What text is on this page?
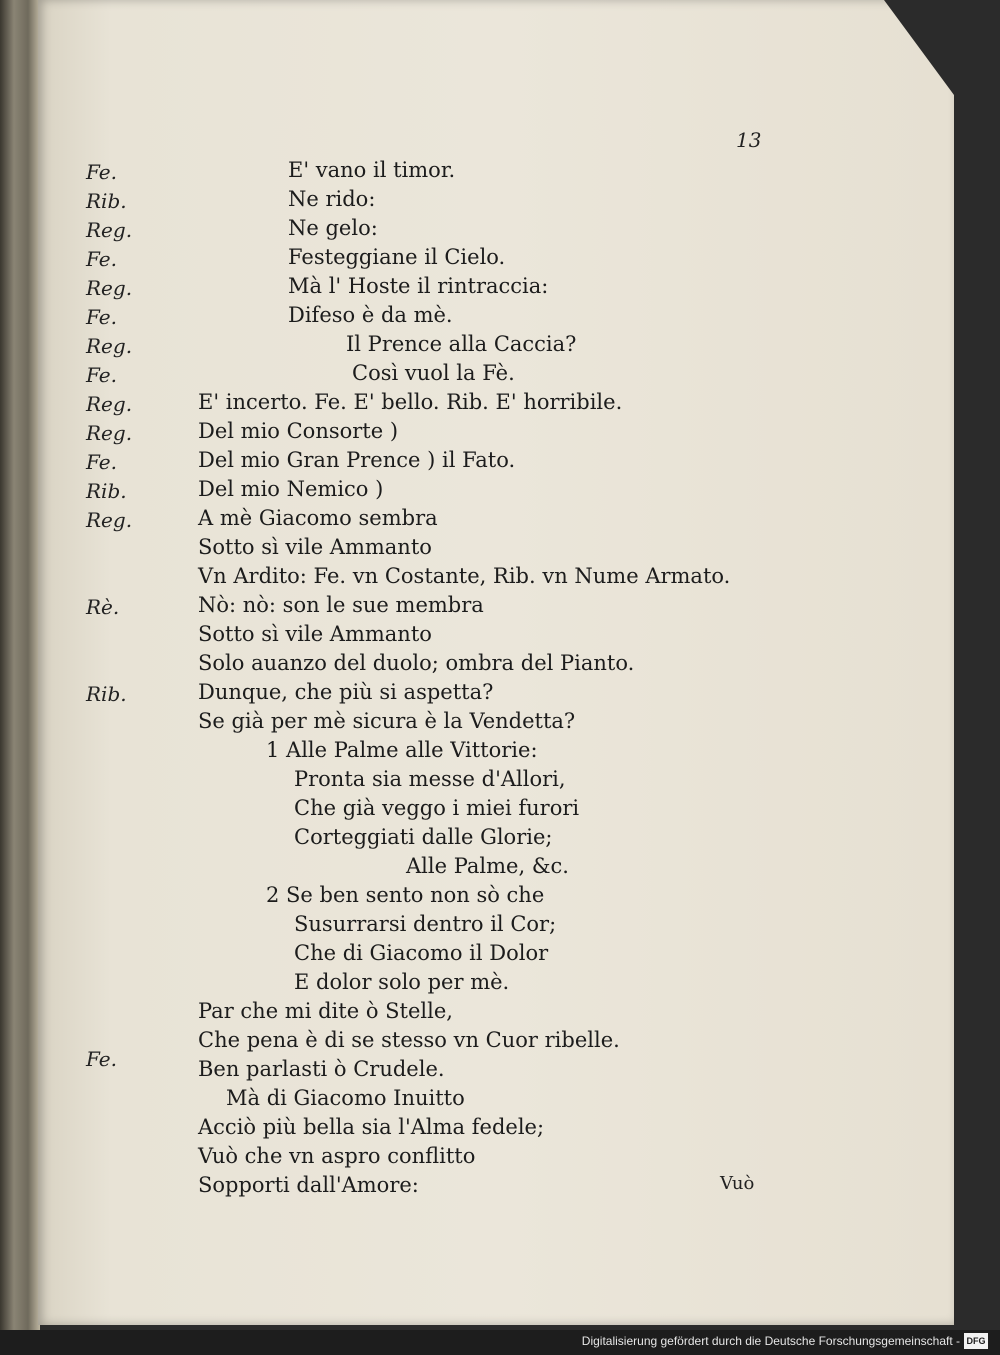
13
Fe.
Rib.
Reg.
Fe.
Reg.
Fe.
Reg.
Fe.
Reg.
Reg.
Fe.
Rib.
Reg.
Rè.
Rib.
Fe.
E' vano il timor.
Ne rido:
Ne gelo:
Festeggiane il Cielo.
Mà l' Hoste il rintraccia:
Difeso è da mè.
Il Prence alla Caccia?
Così vuol la Fè.
E' incerto. Fe. E' bello. Rib. E' horribile.
Del mio Consorte )
Del mio Gran Prence ) il Fato.
Del mio Nemico )
A mè Giacomo sembra
Sotto sì vile Ammanto
Vn Ardito: Fe. vn Costante, Rib. vn Nume Armato.
Nò: nò: son le sue membra
Sotto sì vile Ammanto
Solo auanzo del duolo; ombra del Pianto.
Dunque, che più si aspetta?
Se già per mè sicura è la Vendetta?
1 Alle Palme alle Vittorie:
Pronta sia messe d'Allori,
Che già veggo i miei furori
Corteggiati dalle Glorie;
Alle Palme, &c.
2 Se ben sento non sò che
Susurrarsi dentro il Cor;
Che di Giacomo il Dolor
E dolor solo per mè.
Par che mi dite ò Stelle,
Che pena è di se stesso vn Cuor ribelle.
Ben parlasti ò Crudele.
Mà di Giacomo Inuitto
Acciò più bella sia l'Alma fedele;
Vuò che vn aspro conflitto
Sopporti dall'Amore:	Vuò
Digitalisierung gefördert durch die Deutsche Forschungsgemeinschaft - DFG
